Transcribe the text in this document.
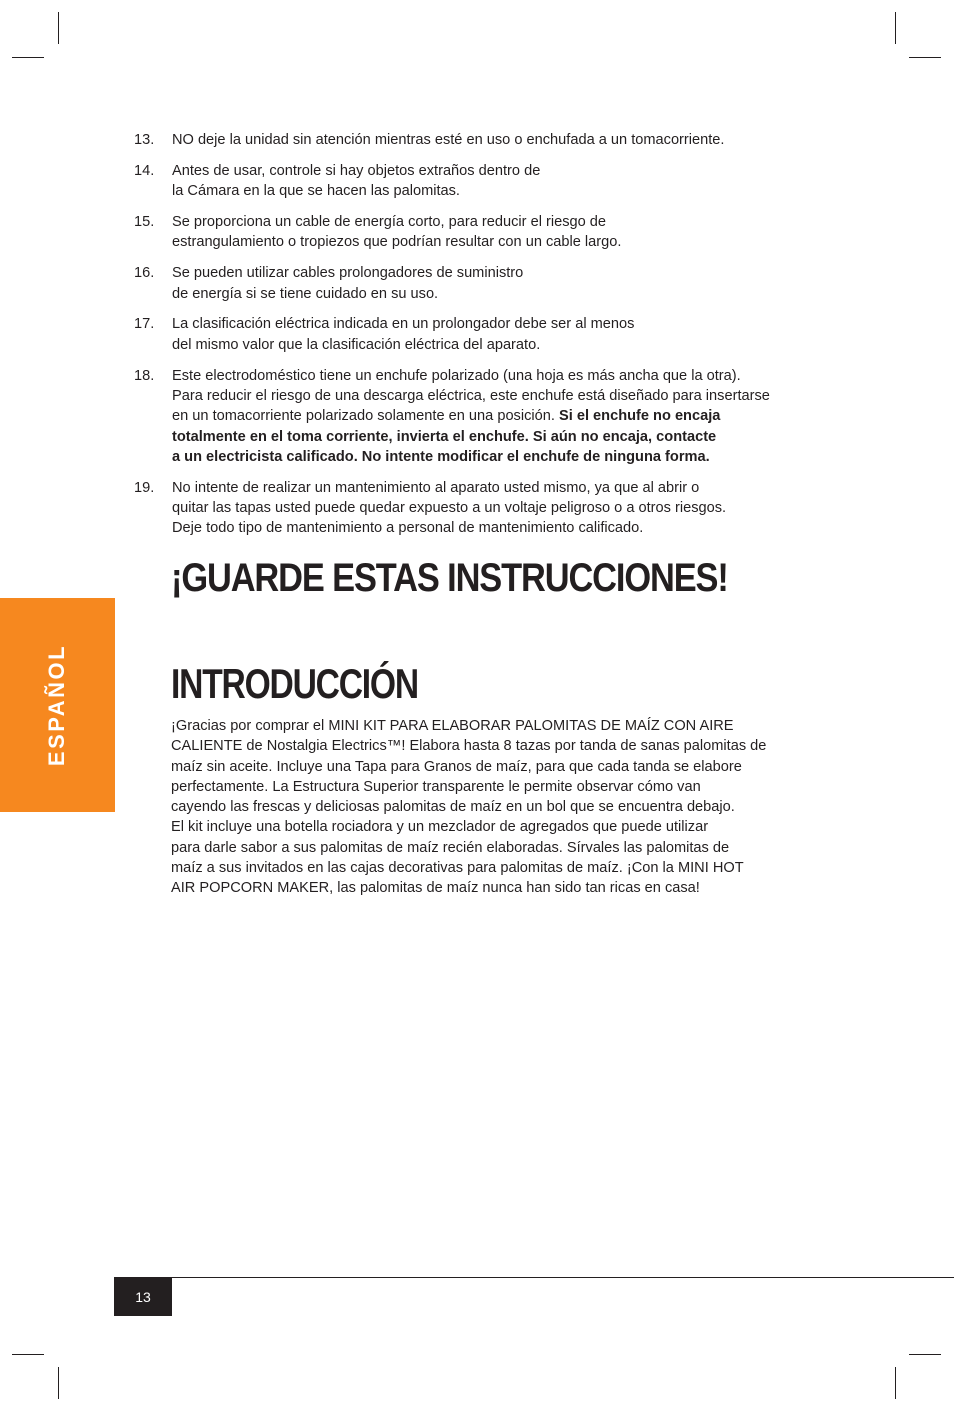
13.	NO deje la unidad sin atención mientras esté en uso o enchufada a un tomacorriente.
14.	Antes de usar, controle si hay objetos extraños dentro de
la Cámara en la que se hacen las palomitas.
15.	Se proporciona un cable de energía corto, para reducir el riesgo de
estrangulamiento o tropiezos que podrían resultar con un cable largo.
16.	Se pueden utilizar cables prolongadores de suministro
de energía si se tiene cuidado en su uso.
17.	La clasificación eléctrica indicada en un prolongador debe ser al menos
del mismo valor que la clasificación eléctrica del aparato.
18.	Este electrodoméstico tiene un enchufe polarizado (una hoja es más ancha que la otra).
Para reducir el riesgo de una descarga eléctrica, este enchufe está diseñado para insertarse
en un tomacorriente polarizado solamente en una posición. Si el enchufe no encaja
totalmente en el toma corriente, invierta el enchufe. Si aún no encaja, contacte
a un electricista calificado. No intente modificar el enchufe de ninguna forma.
19.	No intente de realizar un mantenimiento al aparato usted mismo, ya que al abrir o
quitar las tapas usted puede quedar expuesto a un voltaje peligroso o a otros riesgos.
Deje todo tipo de mantenimiento a personal de mantenimiento calificado.
¡GUARDE ESTAS INSTRUCCIONES!
INTRODUCCIÓN
¡Gracias por comprar el MINI KIT PARA ELABORAR PALOMITAS DE MAÍZ CON AIRE
CALIENTE de Nostalgia Electrics™! Elabora hasta 8 tazas por tanda de sanas palomitas de
maíz sin aceite. Incluye una Tapa para Granos de maíz, para que cada tanda se elabore
perfectamente. La Estructura Superior transparente le permite observar cómo van
cayendo las frescas y deliciosas palomitas de maíz en un bol que se encuentra debajo.
El kit incluye una botella rociadora y un mezclador de agregados que puede utilizar
para darle sabor a sus palomitas de maíz recién elaboradas. Sírvales las palomitas de
maíz a sus invitados en las cajas decorativas para palomitas de maíz. ¡Con la MINI HOT
AIR POPCORN MAKER, las palomitas de maíz nunca han sido tan ricas en casa!
ESPAÑOL
13
